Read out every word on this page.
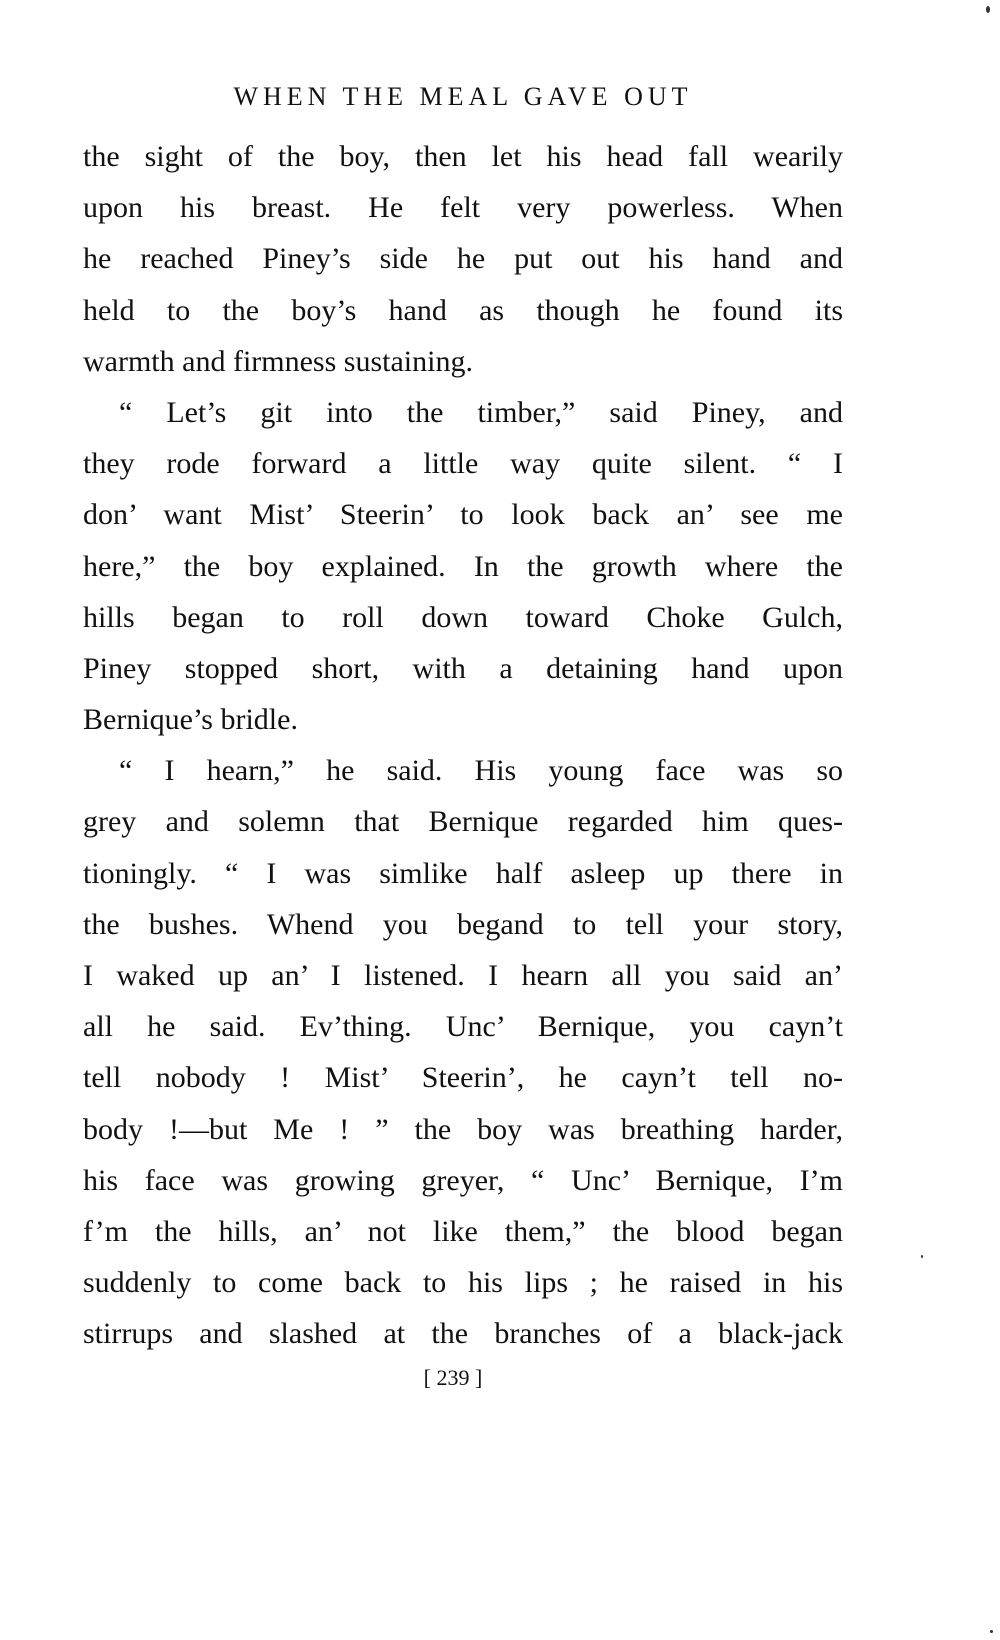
WHEN THE MEAL GAVE OUT
the sight of the boy, then let his head fall wearily
upon his breast. He felt very powerless. When
he reached Piney’s side he put out his hand and
held to the boy’s hand as though he found its
warmth and firmness sustaining.
“ Let’s git into the timber,” said Piney, and
they rode forward a little way quite silent. “ I
don’ want Mist’ Steerin’ to look back an’ see me
here,” the boy explained. In the growth where the
hills began to roll down toward Choke Gulch,
Piney stopped short, with a detaining hand upon
Bernique’s bridle.
“ I hearn,” he said. His young face was so
grey and solemn that Bernique regarded him ques-
tioningly. “ I was simlike half asleep up there in
the bushes. Whend you begand to tell your story,
I waked up an’ I listened. I hearn all you said an’
all he said. Ev’thing. Unc’ Bernique, you cayn’t
tell nobody ! Mist’ Steerin’, he cayn’t tell no-
body !—but Me ! ” the boy was breathing harder,
his face was growing greyer, “ Unc’ Bernique, I’m
f’m the hills, an’ not like them,” the blood began
suddenly to come back to his lips ; he raised in his
stirrups and slashed at the branches of a black-jack
[ 239 ]
